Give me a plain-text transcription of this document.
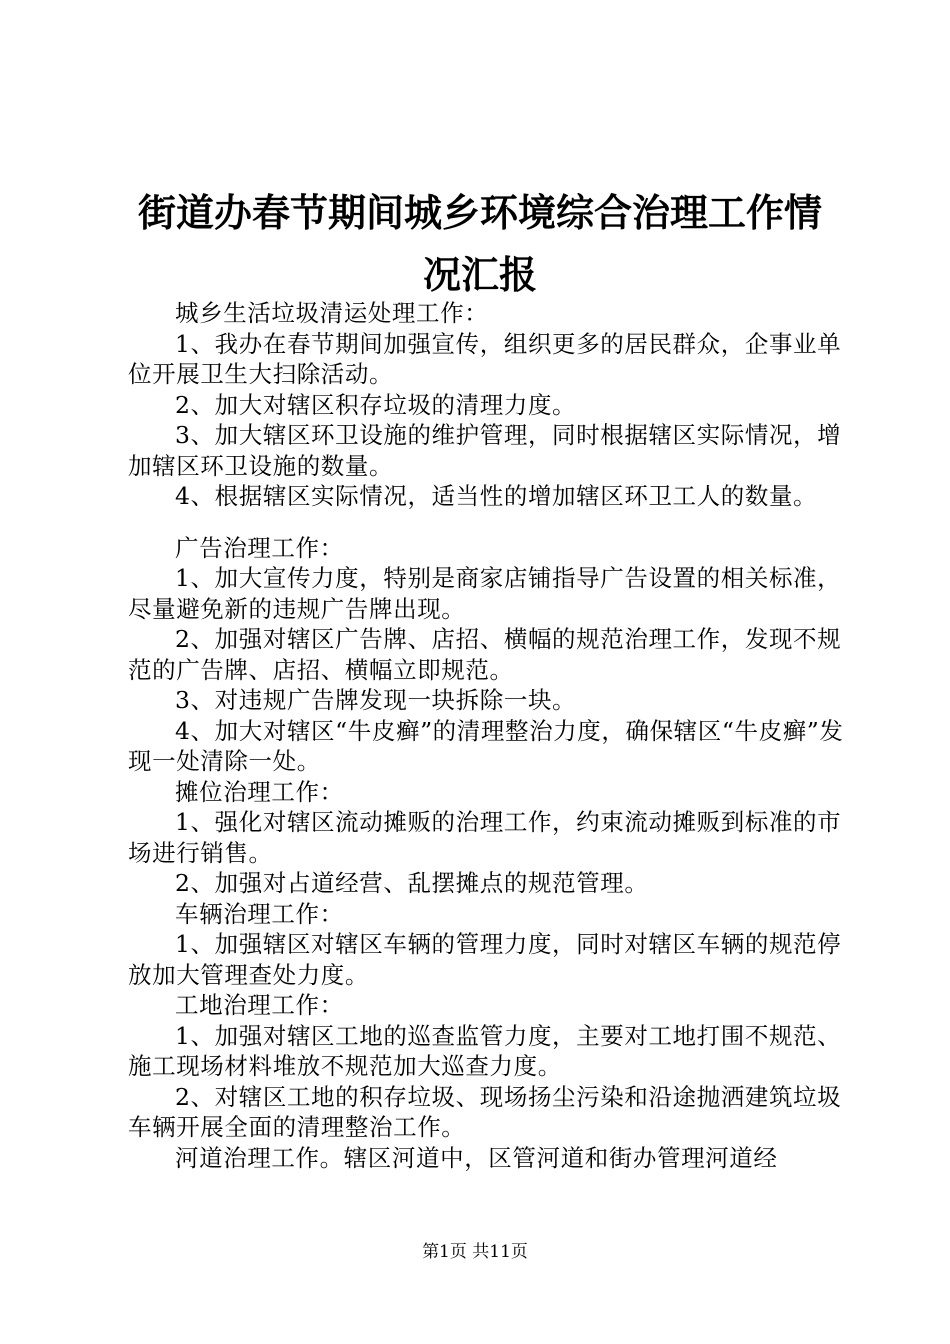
街道办春节期间城乡环境综合治理工作情况汇报

城乡生活垃圾清运处理工作：

1、我办在春节期间加强宣传，组织更多的居民群众，企事业单位开展卫生大扫除活动。

2、加大对辖区积存垃圾的清理力度。

3、加大辖区环卫设施的维护管理，同时根据辖区实际情况，增加辖区环卫设施的数量。

4、根据辖区实际情况，适当性的增加辖区环卫工人的数量。

广告治理工作：

1、加大宣传力度，特别是商家店铺指导广告设置的相关标准，尽量避免新的违规广告牌出现。

2、加强对辖区广告牌、店招、横幅的规范治理工作，发现不规范的广告牌、店招、横幅立即规范。

3、对违规广告牌发现一块拆除一块。

4、加大对辖区“牛皮癣”的清理整治力度，确保辖区“牛皮癣”发现一处清除一处。

摊位治理工作：

1、强化对辖区流动摊贩的治理工作，约束流动摊贩到标准的市场进行销售。

2、加强对占道经营、乱摆摊点的规范管理。

车辆治理工作：

1、加强辖区对辖区车辆的管理力度，同时对辖区车辆的规范停放加大管理查处力度。

工地治理工作：

1、加强对辖区工地的巡查监管力度，主要对工地打围不规范、施工现场材料堆放不规范加大巡查力度。

2、对辖区工地的积存垃圾、现场扬尘污染和沿途抛洒建筑垃圾车辆开展全面的清理整治工作。

河道治理工作。辖区河道中，区管河道和街办管理河道经

第1页 共11页
